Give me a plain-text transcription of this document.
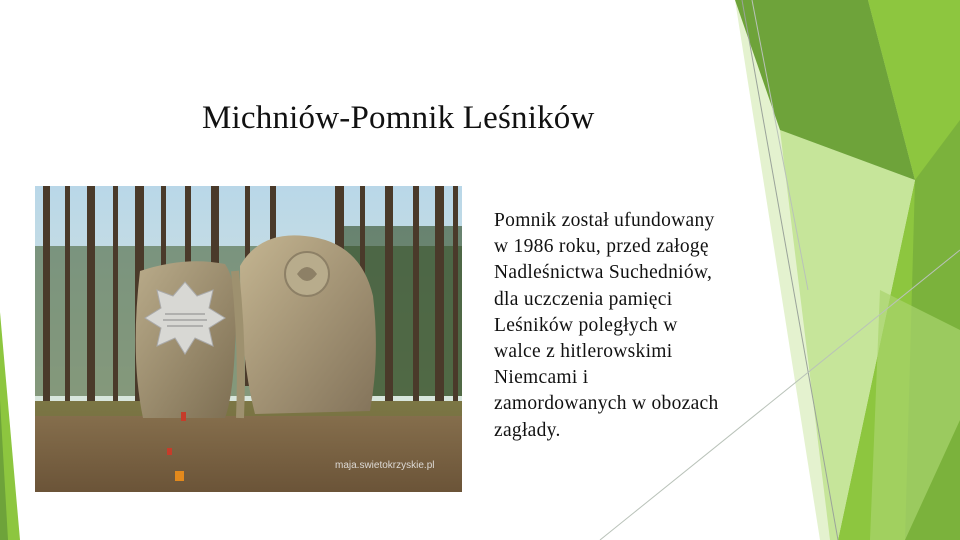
Michniów-Pomnik Leśników
maja.swietokrzyskie.pl
Pomnik został ufundowany
w 1986 roku, przed załogę
Nadleśnictwa Suchedniów,
dla uczczenia pamięci
Leśników poległych w
walce z hitlerowskimi
Niemcami i
zamordowanych w obozach
zagłady.
